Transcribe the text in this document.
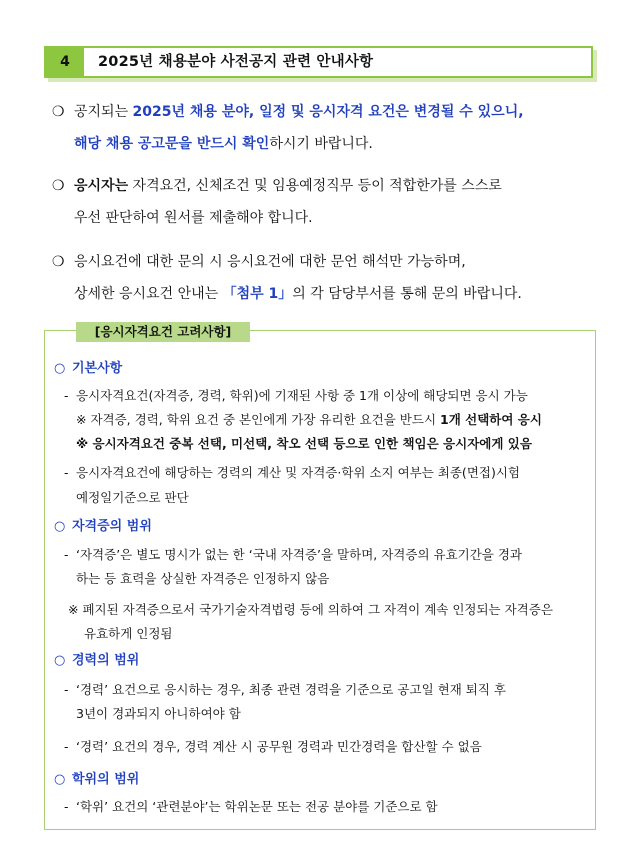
4	2025년 채용분야 사전공지 관련 안내사항
❍ 공지되는 2025년 채용 분야, 일정 및 응시자격 요건은 변경될 수 있으니,
해당 채용 공고문을 반드시 확인하시기 바랍니다.
❍ 응시자는 자격요건, 신체조건 및 임용예정직무 등이 적합한가를 스스로
우선 판단하여 원서를 제출해야 합니다.
❍ 응시요건에 대한 문의 시 응시요건에 대한 문언 해석만 가능하며,
상세한 응시요건 안내는 「첨부 1」의 각 담당부서를 통해 문의 바랍니다.
[응시자격요건 고려사항]
○ 기본사항
- 응시자격요건(자격증, 경력, 학위)에 기재된 사항 중 1개 이상에 해당되면 응시 가능
※ 자격증, 경력, 학위 요건 중 본인에게 가장 유리한 요건을 반드시 1개 선택하여 응시
※ 응시자격요건 중복 선택, 미선택, 착오 선택 등으로 인한 책임은 응시자에게 있음
- 응시자격요건에 해당하는 경력의 계산 및 자격증·학위 소지 여부는 최종(면접)시험
예정일기준으로 판단
○ 자격증의 범위
- ‘자격증’은 별도 명시가 없는 한 ‘국내 자격증’을 말하며, 자격증의 유효기간을 경과
하는 등 효력을 상실한 자격증은 인정하지 않음
※ 폐지된 자격증으로서 국가기술자격법령 등에 의하여 그 자격이 계속 인정되는 자격증은
유효하게 인정됨
○ 경력의 범위
- ‘경력’ 요건으로 응시하는 경우, 최종 관련 경력을 기준으로 공고일 현재 퇴직 후
3년이 경과되지 아니하여야 함
- ‘경력’ 요건의 경우, 경력 계산 시 공무원 경력과 민간경력을 합산할 수 없음
○ 학위의 범위
- ‘학위’ 요건의 ‘관련분야’는 학위논문 또는 전공 분야를 기준으로 함
